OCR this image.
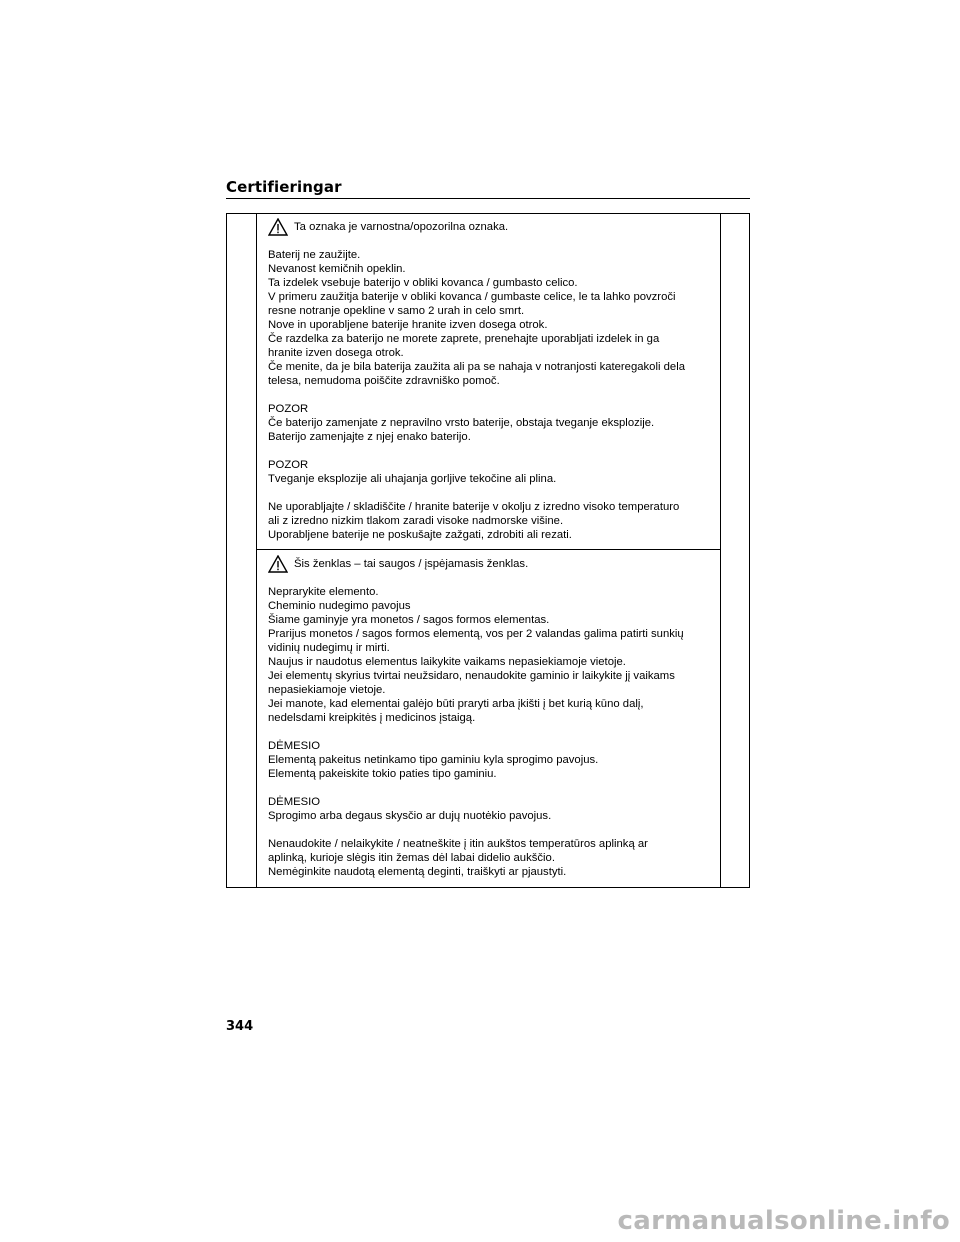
Certifieringar
Ta oznaka je varnostna/opozorilna oznaka.
Baterij ne zaužijte.
Nevanost kemičnih opeklin.
Ta izdelek vsebuje baterijo v obliki kovanca / gumbasto celico.
V primeru zaužitja baterije v obliki kovanca / gumbaste celice, le ta lahko povzroči
resne notranje opekline v samo 2 urah in celo smrt.
Nove in uporabljene baterije hranite izven dosega otrok.
Če razdelka za baterijo ne morete zaprete, prenehajte uporabljati izdelek in ga
hranite izven dosega otrok.
Če menite, da je bila baterija zaužita ali pa se nahaja v notranjosti kateregakoli dela
telesa, nemudoma poiščite zdravniško pomoč.
POZOR
Če baterijo zamenjate z nepravilno vrsto baterije, obstaja tveganje eksplozije.
Baterijo zamenjajte z njej enako baterijo.
POZOR
Tveganje eksplozije ali uhajanja gorljive tekočine ali plina.
Ne uporabljajte / skladiščite / hranite baterije v okolju z izredno visoko temperaturo
ali z izredno nizkim tlakom zaradi visoke nadmorske višine.
Uporabljene baterije ne poskušajte zažgati, zdrobiti ali rezati.
Šis ženklas – tai saugos / įspėjamasis ženklas.
Neprarykite elemento.
Cheminio nudegimo pavojus
Šiame gaminyje yra monetos / sagos formos elementas.
Prarijus monetos / sagos formos elementą, vos per 2 valandas galima patirti sunkių
vidinių nudegimų ir mirti.
Naujus ir naudotus elementus laikykite vaikams nepasiekiamoje vietoje.
Jei elementų skyrius tvirtai neužsidaro, nenaudokite gaminio ir laikykite jį vaikams
nepasiekiamoje vietoje.
Jei manote, kad elementai galėjo būti praryti arba įkišti į bet kurią kūno dalį,
nedelsdami kreipkitės į medicinos įstaigą.
DĖMESIO
Elementą pakeitus netinkamo tipo gaminiu kyla sprogimo pavojus.
Elementą pakeiskite tokio paties tipo gaminiu.
DĖMESIO
Sprogimo arba degaus skysčio ar dujų nuotėkio pavojus.
Nenaudokite / nelaikykite / neatneškite į itin aukštos temperatūros aplinką ar
aplinką, kurioje slėgis itin žemas dėl labai didelio aukščio.
Nemėginkite naudotą elementą deginti, traiškyti ar pjaustyti.
344
carmanualsonline.info
